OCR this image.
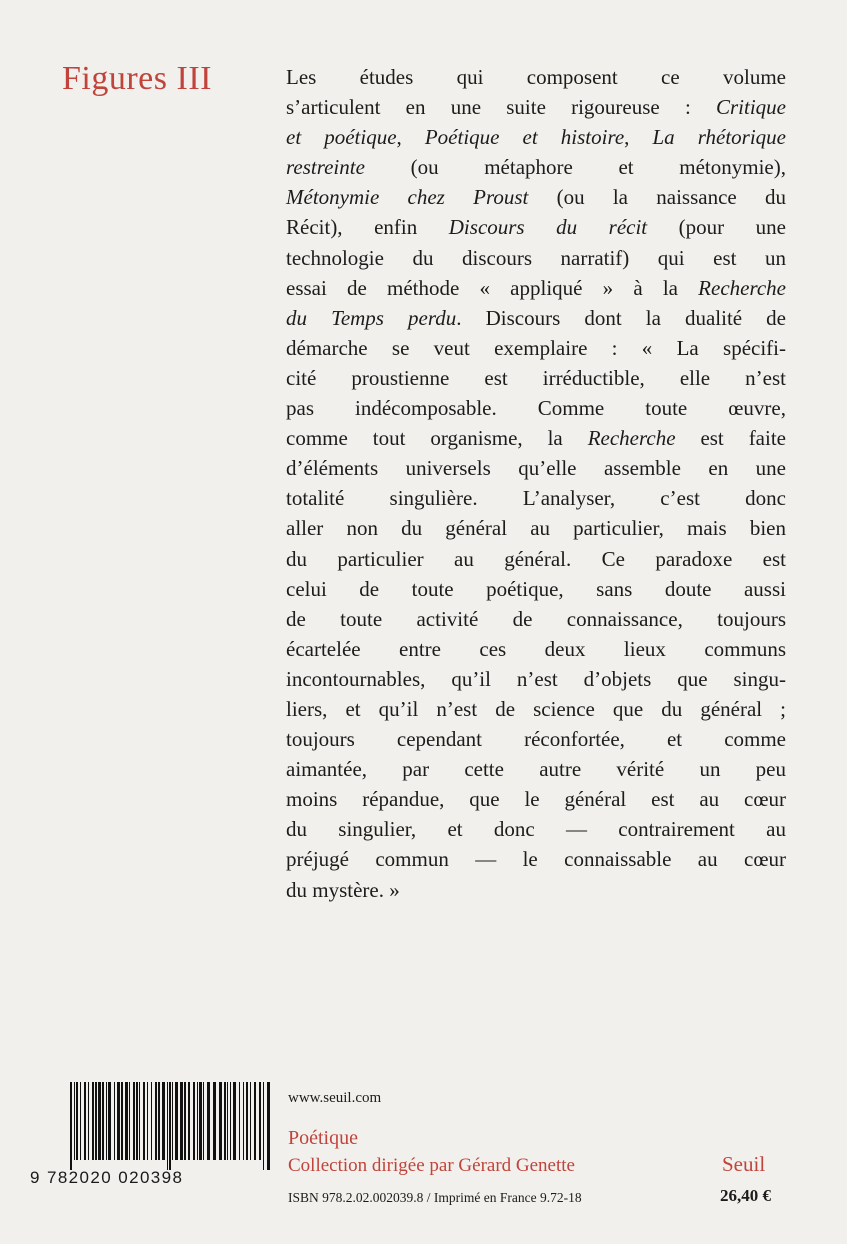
Figures III	Les études qui composent ce volume
s’articulent en une suite rigoureuse : Critique
et poétique, Poétique et histoire, La rhétorique
restreinte (ou métaphore et métonymie),
Métonymie chez Proust (ou la naissance du
Récit), enfin Discours du récit (pour une
technologie du discours narratif) qui est un
essai de méthode « appliqué » à la Recherche
du Temps perdu. Discours dont la dualité de
démarche se veut exemplaire : « La spécifi-
cité proustienne est irréductible, elle n’est
pas indécomposable. Comme toute œuvre,
comme tout organisme, la Recherche est faite
d’éléments universels qu’elle assemble en une
totalité singulière. L’analyser, c’est donc
aller non du général au particulier, mais bien
du particulier au général. Ce paradoxe est
celui de toute poétique, sans doute aussi
de toute activité de connaissance, toujours
écartelée entre ces deux lieux communs
incontournables, qu’il n’est d’objets que singu-
liers, et qu’il n’est de science que du général ;
toujours cependant réconfortée, et comme
aimantée, par cette autre vérité un peu
moins répandue, que le général est au cœur
du singulier, et donc — contrairement au
préjugé commun — le connaissable au cœur
du mystère. »
9 782020 020398
www.seuil.com
Poétique
Collection dirigée par Gérard Genette	Seuil
ISBN 978.2.02.002039.8 / Imprimé en France 9.72-18	26,40 €
